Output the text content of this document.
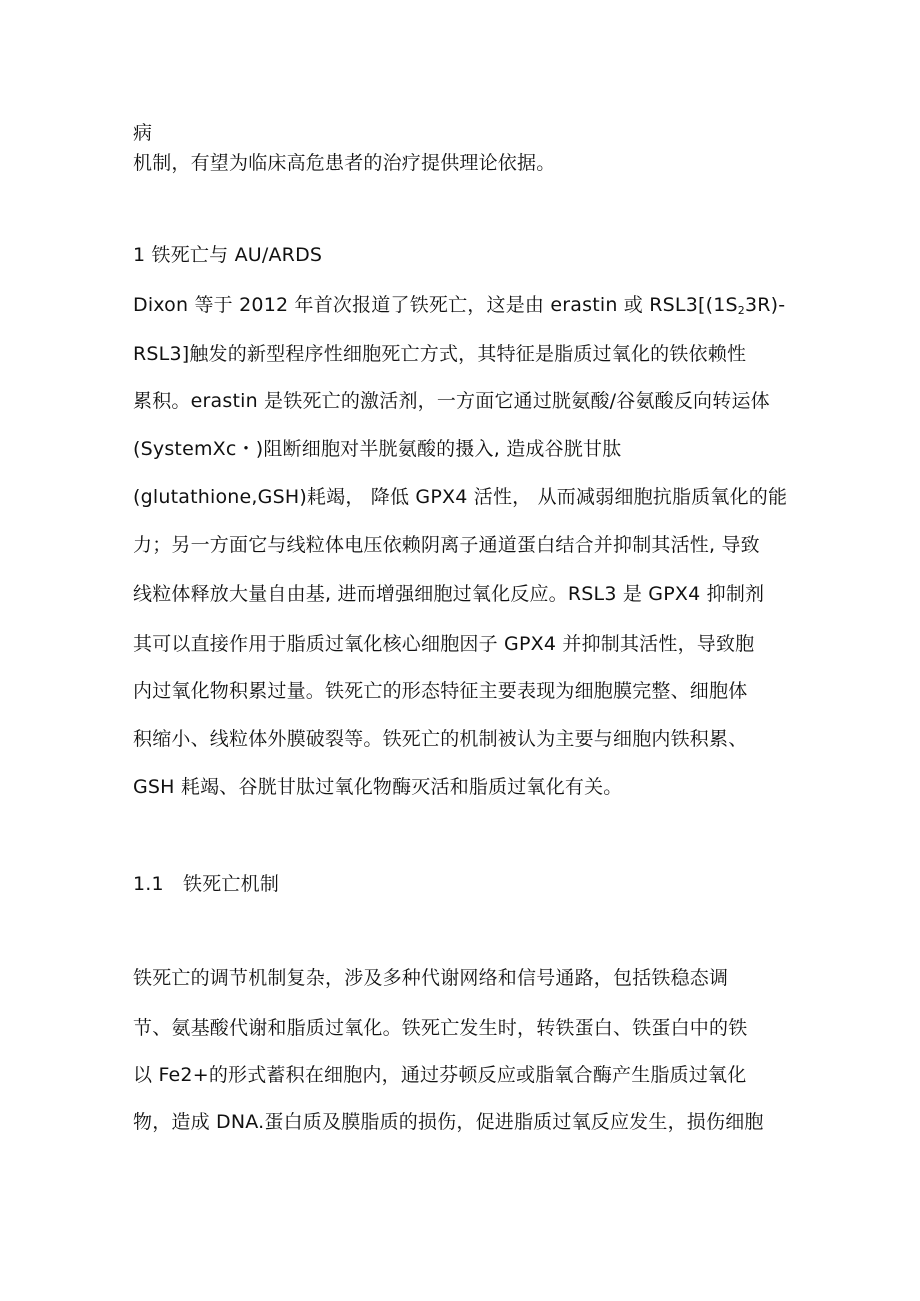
病
机制，有望为临床高危患者的治疗提供理论依据。
1 铁死亡与 AU/ARDS
Dixon 等于 2012 年首次报道了铁死亡，这是由 erastin 或 $RSL3[(1S_23R)-$
RSL3]触发的新型程序性细胞死亡方式，其特征是脂质过氧化的铁依赖性
累积。erastin 是铁死亡的激活剂，一方面它通过胱氨酸/谷氨酸反向转运体
(SystemXc・)阻断细胞对半胱氨酸的摄入, 造成谷胱甘肽
(glutathione,GSH)耗竭， 降低 GPX4 活性， 从而减弱细胞抗脂质氧化的能
力；另一方面它与线粒体电压依赖阴离子通道蛋白结合并抑制其活性, 导致
线粒体释放大量自由基, 进而增强细胞过氧化反应。RSL3 是 GPX4 抑制剂
其可以直接作用于脂质过氧化核心细胞因子 GPX4 并抑制其活性，导致胞
内过氧化物积累过量。铁死亡的形态特征主要表现为细胞膜完整、细胞体
积缩小、线粒体外膜破裂等。铁死亡的机制被认为主要与细胞内铁积累、
GSH 耗竭、谷胱甘肽过氧化物酶灭活和脂质过氧化有关。
1.1　铁死亡机制
铁死亡的调节机制复杂，涉及多种代谢网络和信号通路，包括铁稳态调
节、氨基酸代谢和脂质过氧化。铁死亡发生时，转铁蛋白、铁蛋白中的铁
以 Fe2+的形式蓄积在细胞内，通过芬顿反应或脂氧合酶产生脂质过氧化
物，造成 DNA.蛋白质及膜脂质的损伤，促进脂质过氧反应发生，损伤细胞
